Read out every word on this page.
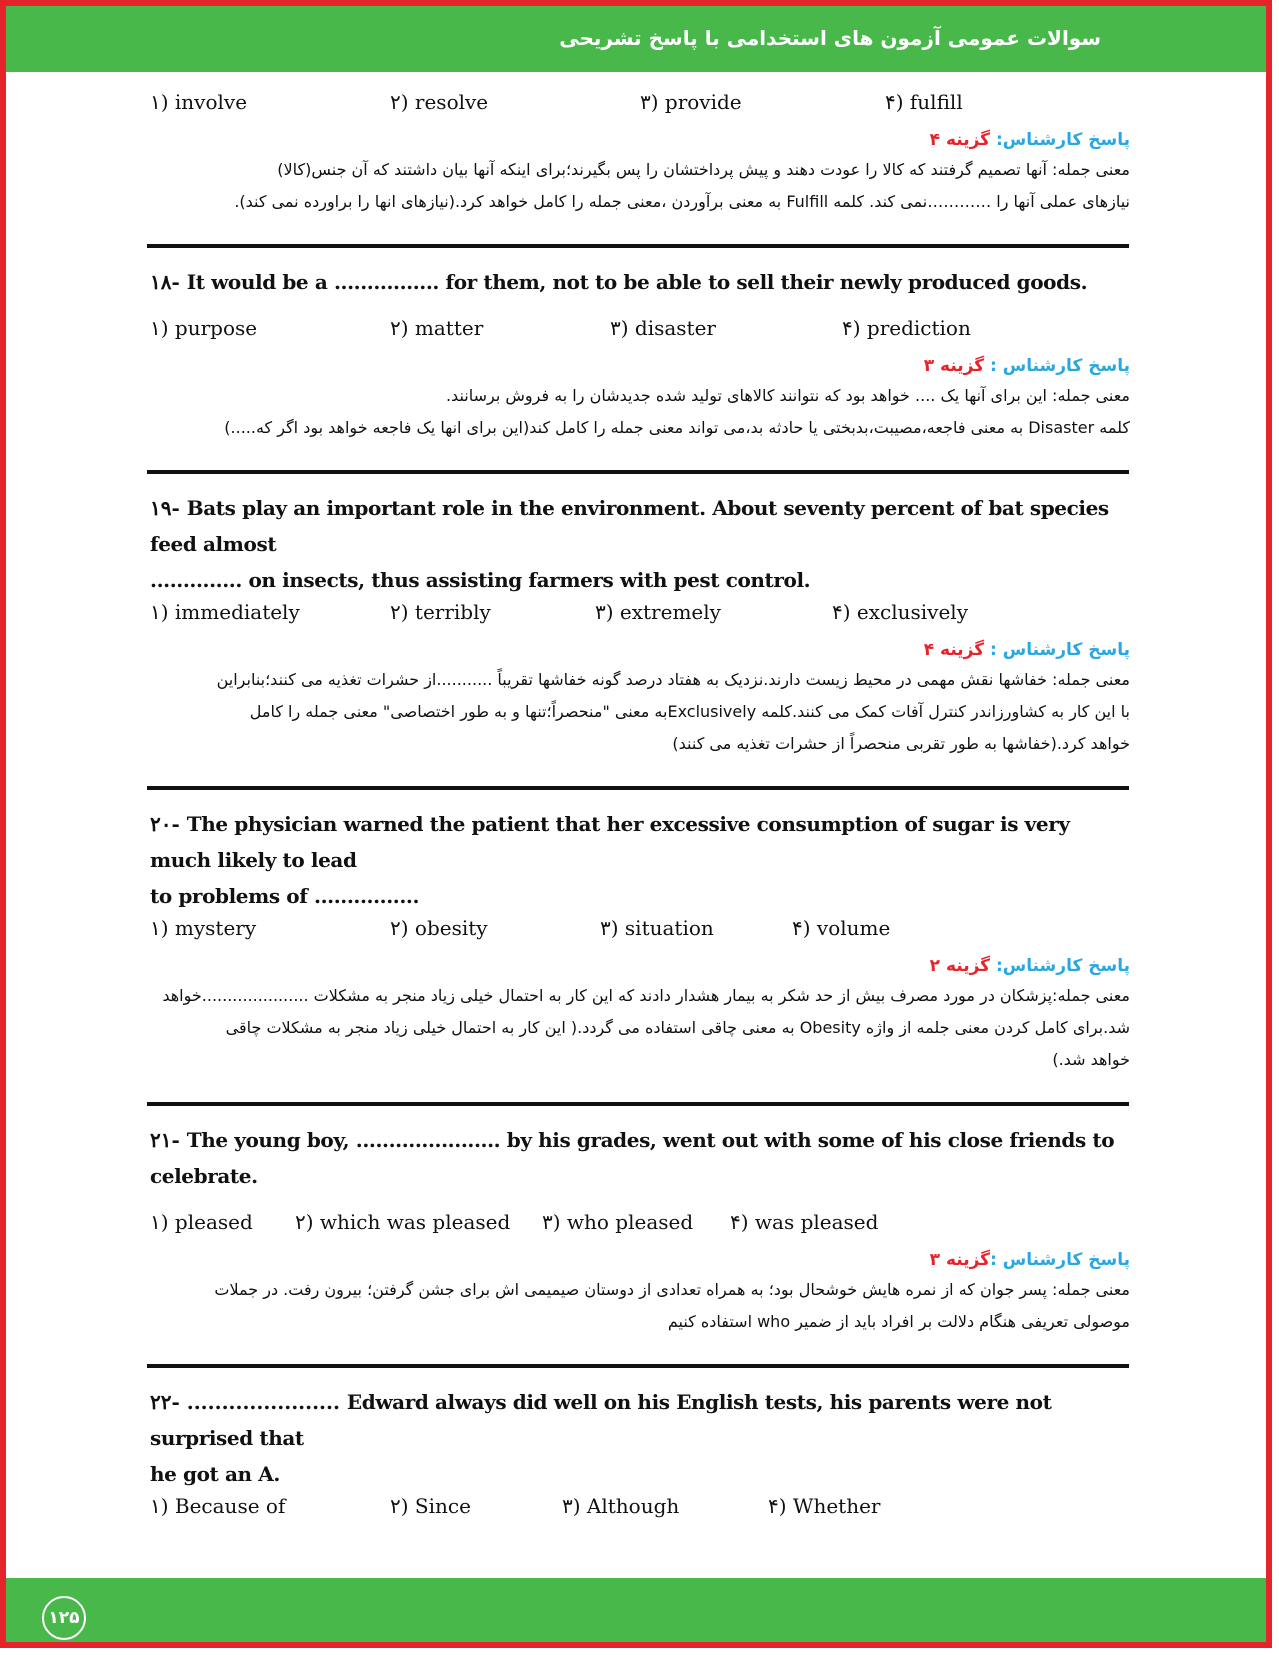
سوالات عمومی آزمون های استخدامی با پاسخ تشریحی
۱) involve	۲) resolve	۳) provide	۴) fulfill
پاسخ کارشناس: گزینه ۴

معنی جمله: آنها تصمیم گرفتند که کالا را عودت دهند و پیش پرداختشان را پس بگیرند؛برای اینکه آنها بیان داشتند که آن جنس(کالا)

نیازهای عملی آنها را …………نمی کند. کلمه Fulfill به معنی برآوردن ،معنی جمله را کامل خواهد کرد.(نیازهای انها را براورده نمی کند).

۱۸- It would be a ................ for them, not to be able to sell their newly produced goods.

۱) purpose	۲) matter	۳) disaster	۴) prediction
پاسخ کارشناس : گزینه ۳

معنی جمله: این برای آنها یک .... خواهد بود که نتوانند کالاهای تولید شده جدیدشان را به فروش برسانند.

کلمه Disaster به معنی فاجعه،مصیبت،بدبختی یا حادثه بد،می تواند معنی جمله را کامل کند(این برای انها یک فاجعه خواهد بود اگر که.....)

۱۹- Bats play an important role in the environment. About seventy percent of bat species feed almost

.............. on insects, thus assisting farmers with pest control.

۱) immediately	۲) terribly	۳) extremely	۴) exclusively
پاسخ کارشناس : گزینه ۴

معنی جمله: خفاشها نقش مهمی در محیط زیست دارند.نزدیک به هفتاد درصد گونه خفاشها تقریباً ...........از حشرات تغذیه می کنند؛بنابراین

با این کار به کشاورزاندر کنترل آفات کمک می کنند.کلمه Exclusivelyبه معنی "منحصراً؛تنها و به طور اختصاصی" معنی جمله را کامل

خواهد کرد.(خفاشها به طور تقربی منحصراً از حشرات تغذیه می کنند)

۲۰- The physician warned the patient that her excessive consumption of sugar is very much likely to lead

to problems of ................

۱) mystery	۲) obesity	۳) situation	۴) volume
پاسخ کارشناس: گزینه ۲

معنی جمله:پزشکان در مورد مصرف بیش از حد شکر به بیمار هشدار دادند که این کار به احتمال خیلی زیاد منجر به مشکلات .....................خواهد

شد.برای کامل کردن معنی جلمه از واژه Obesity به معنی چاقی استفاده می گردد.( این کار به احتمال خیلی زیاد منجر به مشکلات چاقی

خواهد شد.)

۲۱- The young boy, ...................... by his grades, went out with some of his close friends to celebrate.

۱) pleased ۲) which was pleased ۳) who pleased ۴) was pleased
پاسخ کارشناس :گزینه ۳

معنی جمله: پسر جوان که از نمره هایش خوشحال بود؛ به همراه تعدادی از دوستان صیمیمی اش برای جشن گرفتن؛ بیرون رفت. در جملات

موصولی تعریفی هنگام دلالت بر افراد باید از ضمیر who استفاده کنیم

۲۲- ...................... Edward always did well on his English tests, his parents were not surprised that

he got an A.

۱) Because of	۲) Since	۳) Although	۴) Whether
۱۲۵
